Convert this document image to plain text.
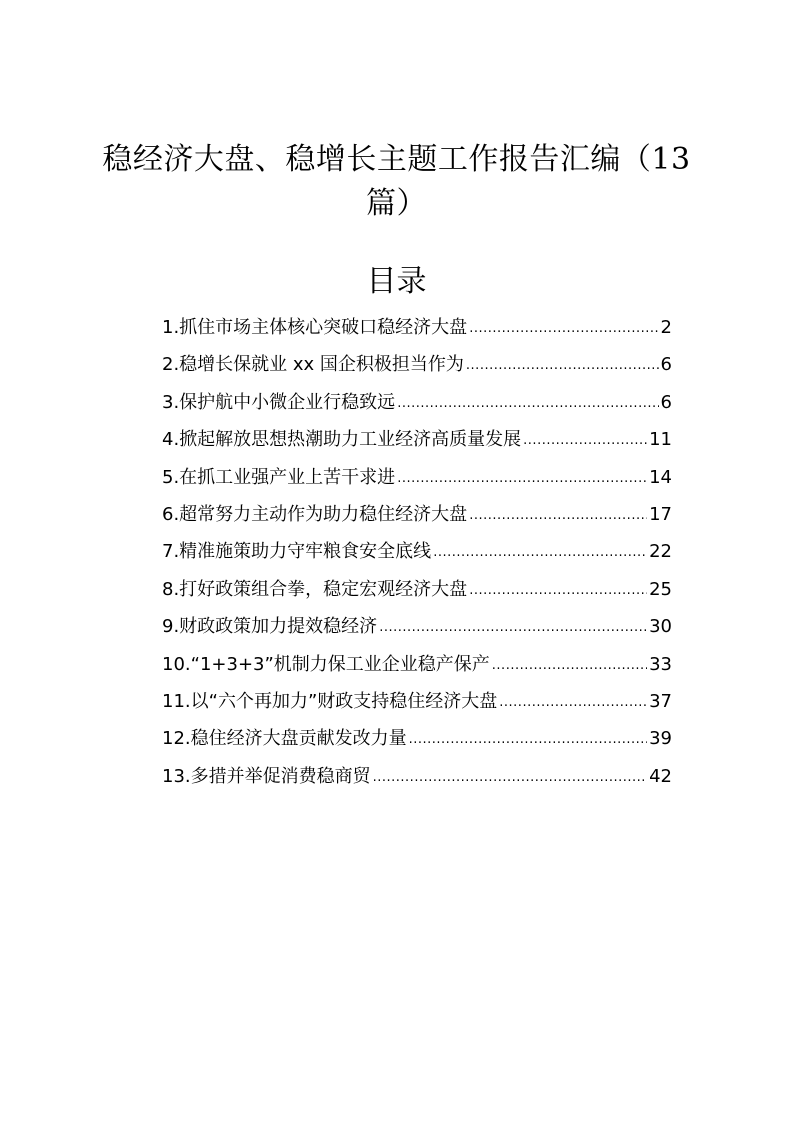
稳经济大盘、稳增长主题工作报告汇编（13篇）
目录
1.抓住市场主体核心突破口稳经济大盘 .....	2
2.稳增长保就业 xx 国企积极担当作为 .....	6
3.保护航中小微企业行稳致远 .....	6
4.掀起解放思想热潮助力工业经济高质量发展 .....	11
5.在抓工业强产业上苦干求进 .....	14
6.超常努力主动作为助力稳住经济大盘 .....	17
7.精准施策助力守牢粮食安全底线 .....	22
8.打好政策组合拳，稳定宏观经济大盘 .....	25
9.财政政策加力提效稳经济 .....	30
10.“1+3+3”机制力保工业企业稳产保产 .....	33
11.以“六个再加力”财政支持稳住经济大盘 .....	37
12.稳住经济大盘贡献发改力量 .....	39
13.多措并举促消费稳商贸 .....	42
